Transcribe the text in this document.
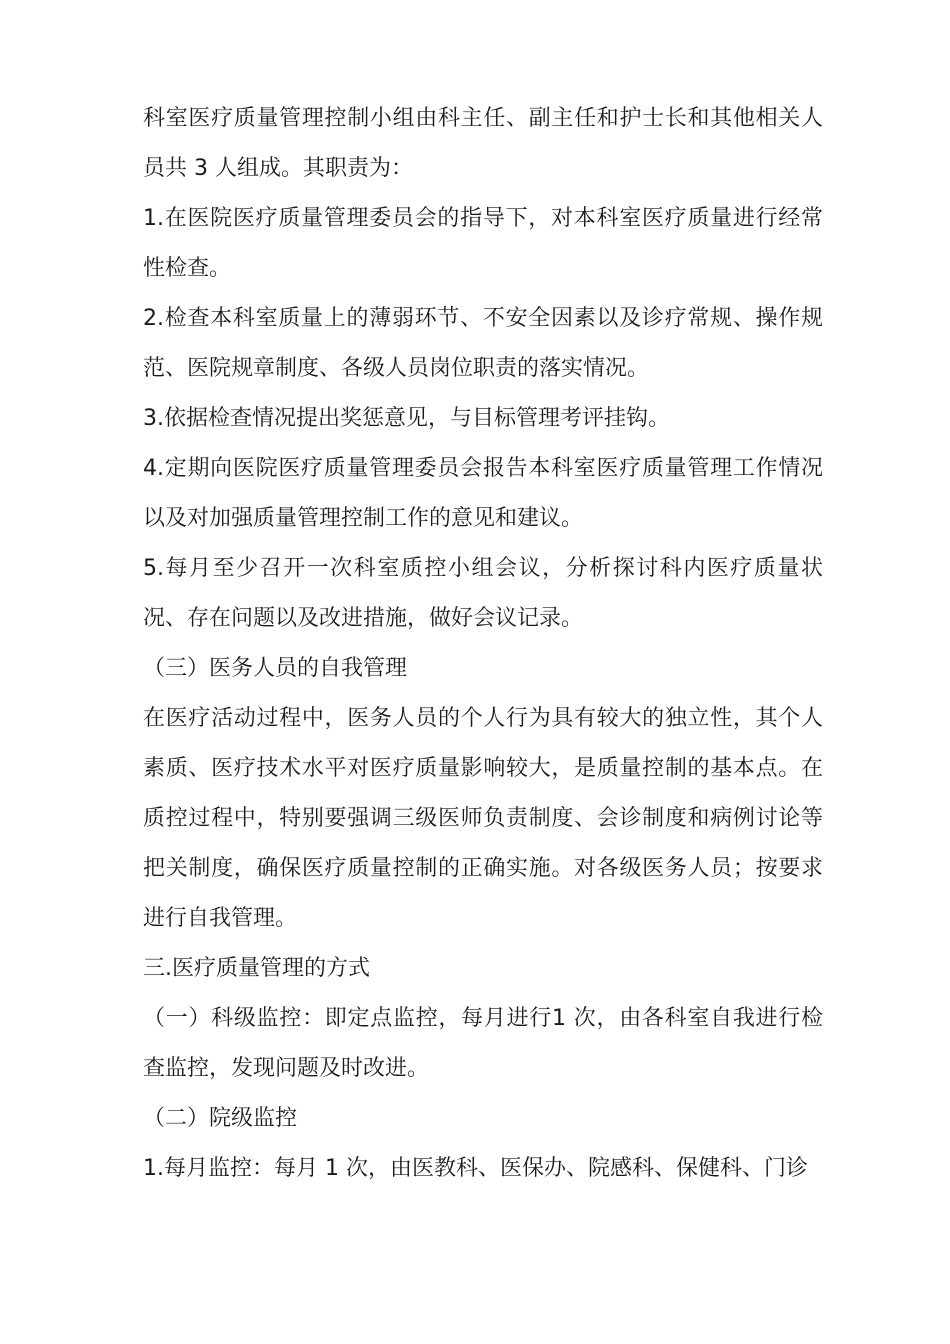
科室医疗质量管理控制小组由科主任、副主任和护士长和其他相关人员共 3 人组成。其职责为：

1.在医院医疗质量管理委员会的指导下，对本科室医疗质量进行经常性检查。

2.检查本科室质量上的薄弱环节、不安全因素以及诊疗常规、操作规范、医院规章制度、各级人员岗位职责的落实情况。

3.依据检查情况提出奖惩意见，与目标管理考评挂钩。

4.定期向医院医疗质量管理委员会报告本科室医疗质量管理工作情况以及对加强质量管理控制工作的意见和建议。

5.每月至少召开一次科室质控小组会议，分析探讨科内医疗质量状况、存在问题以及改进措施，做好会议记录。

（三）医务人员的自我管理

在医疗活动过程中，医务人员的个人行为具有较大的独立性，其个人素质、医疗技术水平对医疗质量影响较大，是质量控制的基本点。在质控过程中，特别要强调三级医师负责制度、会诊制度和病例讨论等把关制度，确保医疗质量控制的正确实施。对各级医务人员；按要求进行自我管理。

三.医疗质量管理的方式

（一）科级监控：即定点监控，每月进行1 次，由各科室自我进行检查监控，发现问题及时改进。

（二）院级监控

1.每月监控：每月 1 次，由医教科、医保办、院感科、保健科、门诊
